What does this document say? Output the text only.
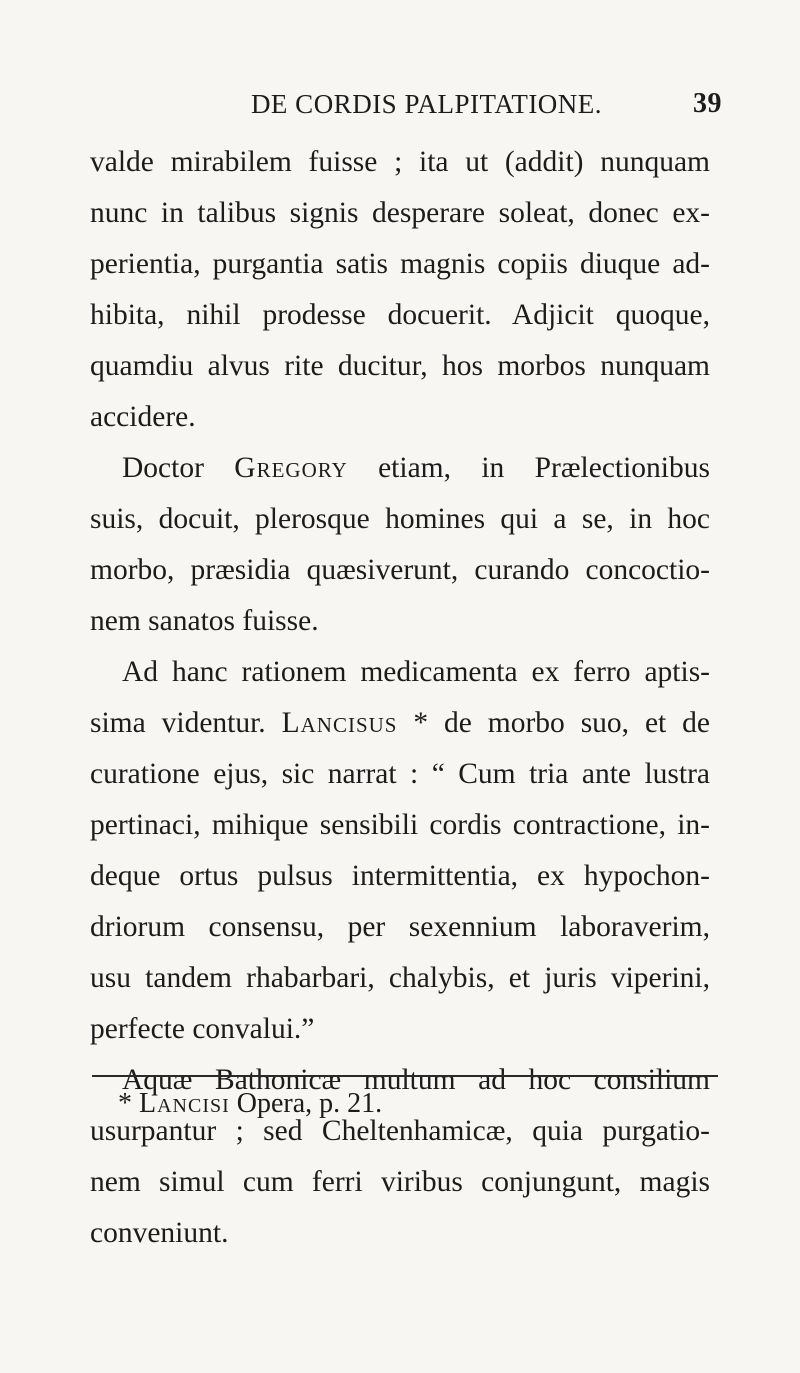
DE CORDIS PALPITATIONE.	39
valde mirabilem fuisse ; ita ut (addit) nunquam
nunc in talibus signis desperare soleat, donec ex-
perientia, purgantia satis magnis copiis diuque ad-
hibita, nihil prodesse docuerit. Adjicit quoque,
quamdiu alvus rite ducitur, hos morbos nunquam
accidere.
Doctor Gregory etiam, in Prælectionibus
suis, docuit, plerosque homines qui a se, in hoc
morbo, præsidia quæsiverunt, curando concoctio-
nem sanatos fuisse.
Ad hanc rationem medicamenta ex ferro aptis-
sima videntur. Lancisus * de morbo suo, et de
curatione ejus, sic narrat : “ Cum tria ante lustra
pertinaci, mihique sensibili cordis contractione, in-
deque ortus pulsus intermittentia, ex hypochon-
driorum consensu, per sexennium laboraverim,
usu tandem rhabarbari, chalybis, et juris viperini,
perfecte convalui.”
Aquæ Bathonicæ multum ad hoc consilium
usurpantur ; sed Cheltenhamicæ, quia purgatio-
nem simul cum ferri viribus conjungunt, magis
conveniunt.
* Lancisi Opera, p. 21.
